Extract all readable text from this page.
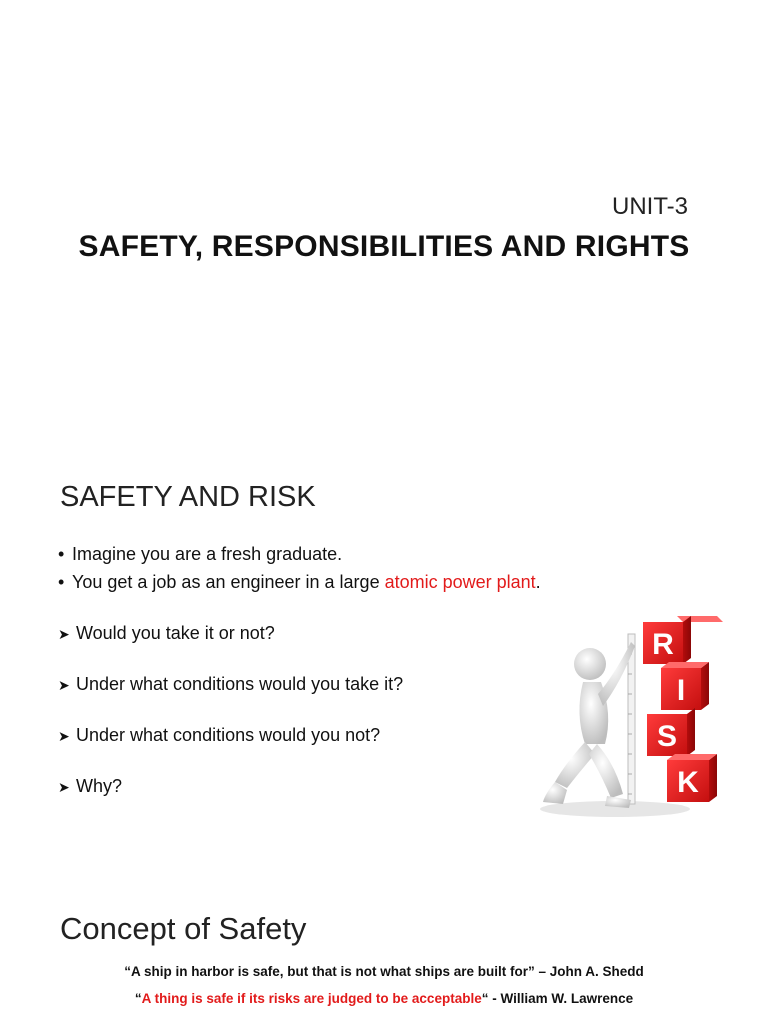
UNIT-3
SAFETY, RESPONSIBILITIES AND RIGHTS
SAFETY AND RISK
• Imagine you are a fresh graduate.
• You get a job as an engineer in a large atomic power plant.
➤ Would you take it or not?
➤ Under what conditions would you take it?
➤ Under what conditions would you not?
➤ Why?
R
I
S
K
Concept of Safety
“A ship in harbor is safe, but that is not what ships are built for” – John A. Shedd
“A thing is safe if its risks are judged to be acceptable“ - William W. Lawrence
